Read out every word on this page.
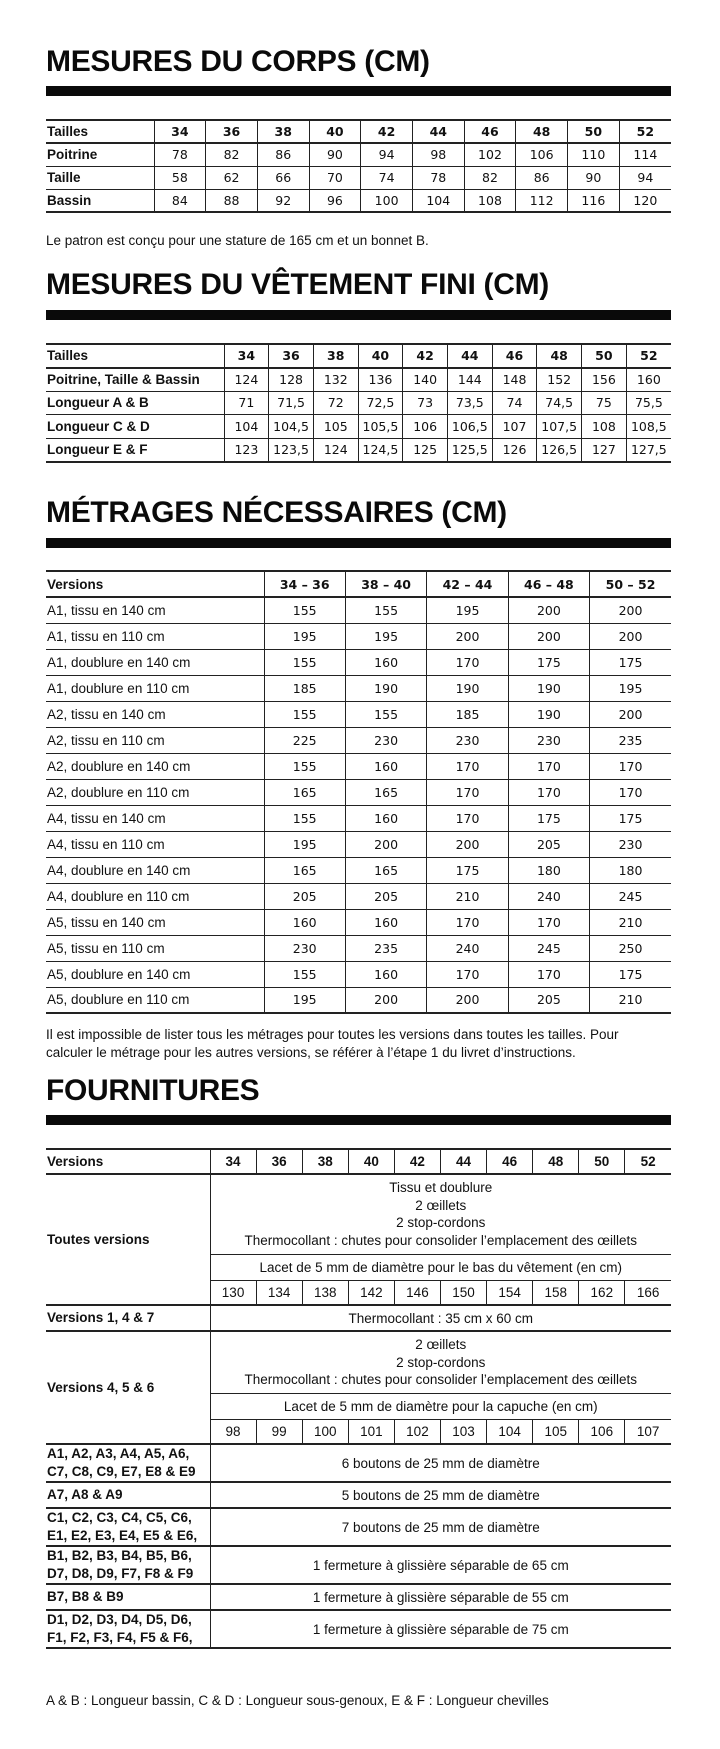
MESURES DU CORPS (CM)
Tailles	34	36	38	40	42	44	46	48	50	52
Poitrine	78	82	86	90	94	98	102	106	110	114
Taille	58	62	66	70	74	78	82	86	90	94
Bassin	84	88	92	96	100	104	108	112	116	120
Le patron est conçu pour une stature de 165 cm et un bonnet B.
MESURES DU VÊTEMENT FINI (CM)
Tailles	34	36	38	40	42	44	46	48	50	52
Poitrine, Taille & Bassin	124	128	132	136	140	144	148	152	156	160
Longueur A & B	71	71,5	72	72,5	73	73,5	74	74,5	75	75,5
Longueur C & D	104	104,5	105	105,5	106	106,5	107	107,5	108	108,5
Longueur E & F	123	123,5	124	124,5	125	125,5	126	126,5	127	127,5
MÉTRAGES NÉCESSAIRES (CM)
Versions	34 – 36	38 – 40	42 – 44	46 – 48	50 – 52
A1, tissu en 140 cm	155	155	195	200	200
A1, tissu en 110 cm	195	195	200	200	200
A1, doublure en 140 cm	155	160	170	175	175
A1, doublure en 110 cm	185	190	190	190	195
A2, tissu en 140 cm	155	155	185	190	200
A2, tissu en 110 cm	225	230	230	230	235
A2, doublure en 140 cm	155	160	170	170	170
A2, doublure en 110 cm	165	165	170	170	170
A4, tissu en 140 cm	155	160	170	175	175
A4, tissu en 110 cm	195	200	200	205	230
A4, doublure en 140 cm	165	165	175	180	180
A4, doublure en 110 cm	205	205	210	240	245
A5, tissu en 140 cm	160	160	170	170	210
A5, tissu en 110 cm	230	235	240	245	250
A5, doublure en 140 cm	155	160	170	170	175
A5, doublure en 110 cm	195	200	200	205	210
Il est impossible de lister tous les métrages pour toutes les versions dans toutes les tailles. Pour
calculer le métrage pour les autres versions, se référer à l’étape 1 du livret d’instructions.
FOURNITURES
Versions	34	36	38	40	42	44	46	48	50	52
Toutes versions	Tissu et doublure
2 œillets
2 stop-cordons
Thermocollant : chutes pour consolider l’emplacement des œillets									

	Lacet de 5 mm de diamètre pour le bas du vêtement (en cm)									
	130	134	138	142	146	150	154	158	162	166
Versions 1, 4 & 7	Thermocollant : 35 cm x 60 cm									
Versions 4, 5 & 6	2 œillets
2 stop-cordons
Thermocollant : chutes pour consolider l’emplacement des œillets									

	Lacet de 5 mm de diamètre pour la capuche (en cm)									
	98	99	100	101	102	103	104	105	106	107

A1, A2, A3, A4, A5, A6,
C7, C8, C9, E7, E8 & E9	6 boutons de 25 mm de diamètre									

A7, A8 & A9	5 boutons de 25 mm de diamètre									

C1, C2, C3, C4, C5, C6,
E1, E2, E3, E4, E5 & E6,	7 boutons de 25 mm de diamètre									

B1, B2, B3, B4, B5, B6,
D7, D8, D9, F7, F8 & F9	1 fermeture à glissière séparable de 65 cm									

B7, B8 & B9	1 fermeture à glissière séparable de 55 cm									

D1, D2, D3, D4, D5, D6,
F1, F2, F3, F4, F5 & F6,	1 fermeture à glissière séparable de 75 cm									
A & B : Longueur bassin, C & D : Longueur sous-genoux, E & F : Longueur chevilles
